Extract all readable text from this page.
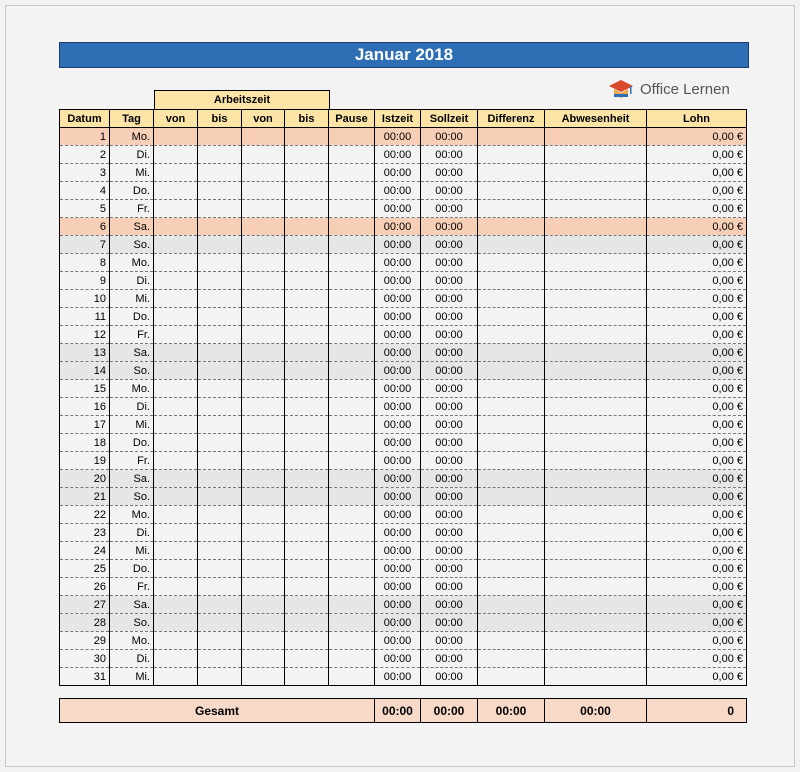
Januar 2018
Office Lernen
Arbeitszeit
Datum	Tag	von	bis	von	bis	Pause	Istzeit	Sollzeit	Differenz	Abwesenheit	Lohn
1	Mo.						00:00	00:00			0,00 €
2	Di.						00:00	00:00			0,00 €
3	Mi.						00:00	00:00			0,00 €
4	Do.						00:00	00:00			0,00 €
5	Fr.						00:00	00:00			0,00 €
6	Sa.						00:00	00:00			0,00 €
7	So.						00:00	00:00			0,00 €
8	Mo.						00:00	00:00			0,00 €
9	Di.						00:00	00:00			0,00 €
10	Mi.						00:00	00:00			0,00 €
11	Do.						00:00	00:00			0,00 €
12	Fr.						00:00	00:00			0,00 €
13	Sa.						00:00	00:00			0,00 €
14	So.						00:00	00:00			0,00 €
15	Mo.						00:00	00:00			0,00 €
16	Di.						00:00	00:00			0,00 €
17	Mi.						00:00	00:00			0,00 €
18	Do.						00:00	00:00			0,00 €
19	Fr.						00:00	00:00			0,00 €
20	Sa.						00:00	00:00			0,00 €
21	So.						00:00	00:00			0,00 €
22	Mo.						00:00	00:00			0,00 €
23	Di.						00:00	00:00			0,00 €
24	Mi.						00:00	00:00			0,00 €
25	Do.						00:00	00:00			0,00 €
26	Fr.						00:00	00:00			0,00 €
27	Sa.						00:00	00:00			0,00 €
28	So.						00:00	00:00			0,00 €
29	Mo.						00:00	00:00			0,00 €
30	Di.						00:00	00:00			0,00 €
31	Mi.						00:00	00:00			0,00 €
Gesamt	00:00	00:00	00:00	00:00	0
